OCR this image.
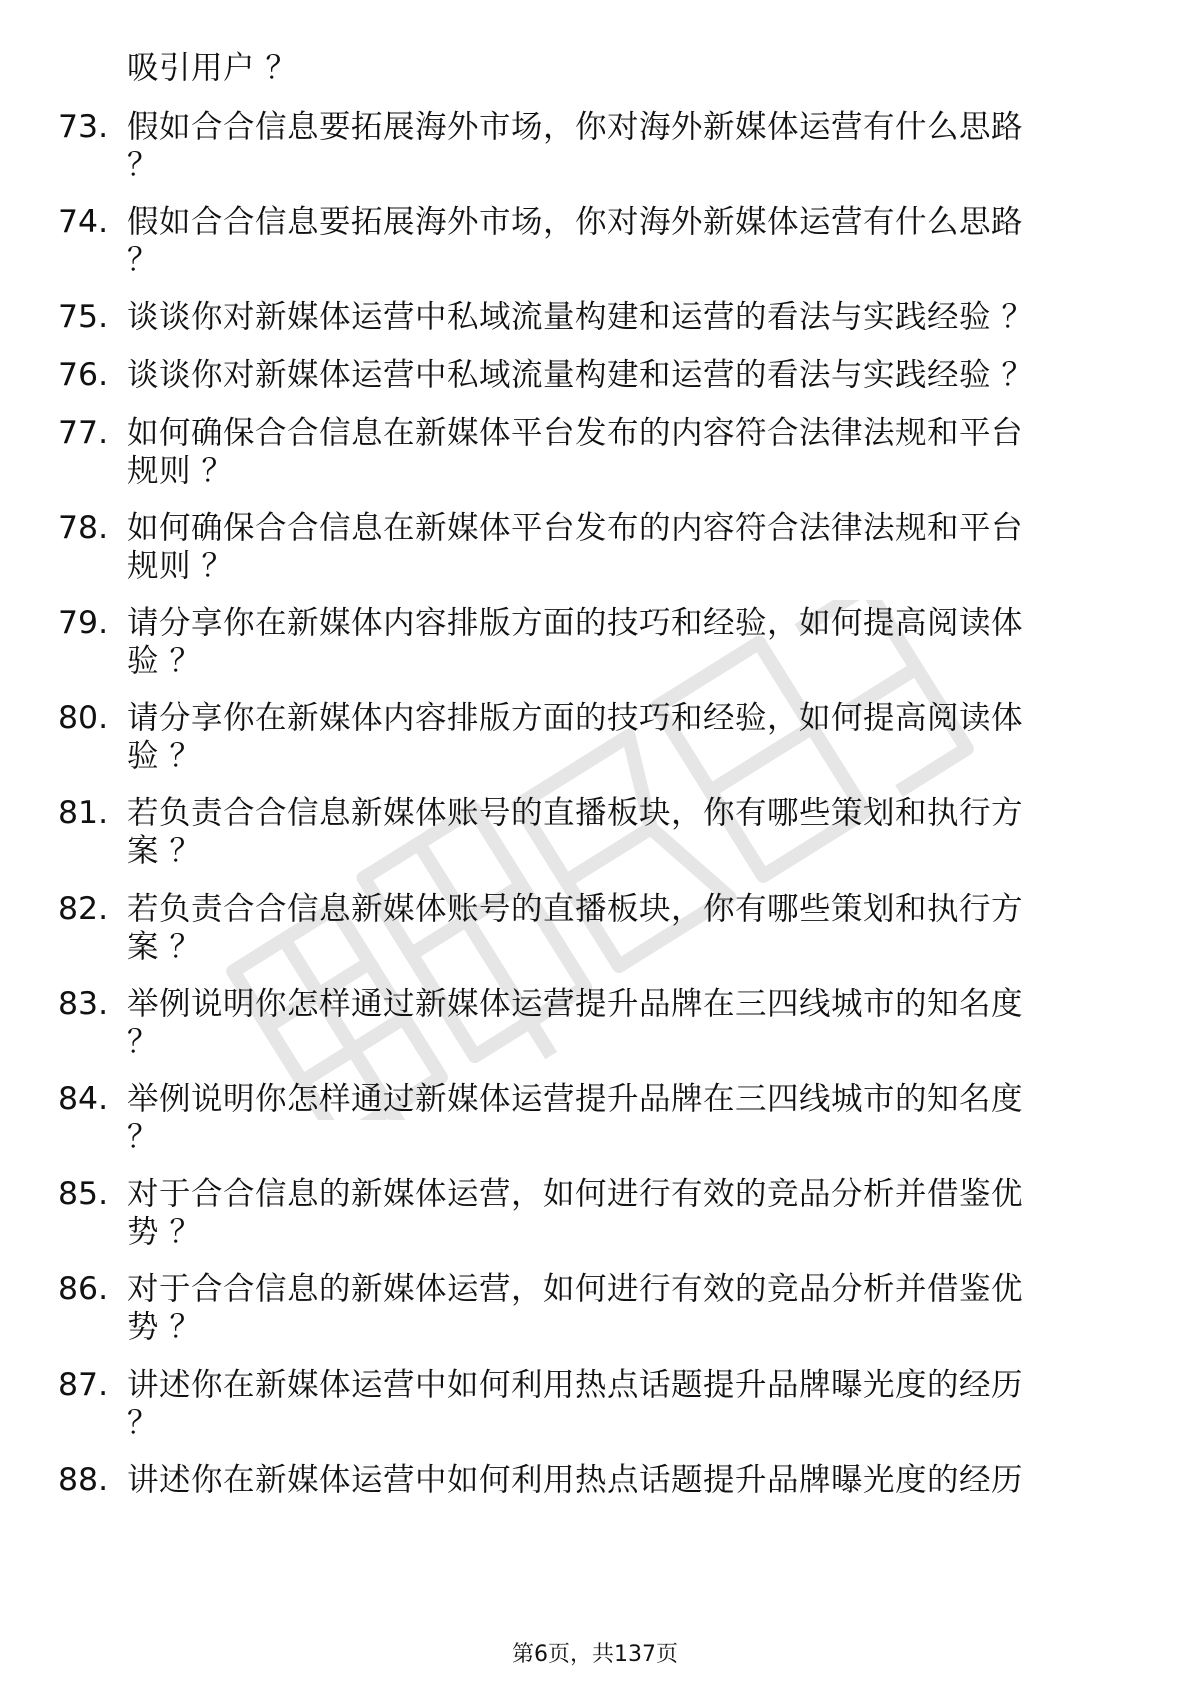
吸引用户 ？
73. 假如合合信息要拓展海外市场，你对海外新媒体运营有什么思路
？
74. 假如合合信息要拓展海外市场，你对海外新媒体运营有什么思路
？
75. 谈谈你对新媒体运营中私域流量构建和运营的看法与实践经验 ？
76. 谈谈你对新媒体运营中私域流量构建和运营的看法与实践经验 ？
77. 如何确保合合信息在新媒体平台发布的内容符合法律法规和平台
规则 ？
78. 如何确保合合信息在新媒体平台发布的内容符合法律法规和平台
规则 ？
79. 请分享你在新媒体内容排版方面的技巧和经验，如何提高阅读体
验 ？
80. 请分享你在新媒体内容排版方面的技巧和经验，如何提高阅读体
验 ？
81. 若负责合合信息新媒体账号的直播板块，你有哪些策划和执行方
案 ？
82. 若负责合合信息新媒体账号的直播板块，你有哪些策划和执行方
案 ？
83. 举例说明你怎样通过新媒体运营提升品牌在三四线城市的知名度
？
84. 举例说明你怎样通过新媒体运营提升品牌在三四线城市的知名度
？
85. 对于合合信息的新媒体运营，如何进行有效的竞品分析并借鉴优
势 ？
86. 对于合合信息的新媒体运营，如何进行有效的竞品分析并借鉴优
势 ？
87. 讲述你在新媒体运营中如何利用热点话题提升品牌曝光度的经历
？
88. 讲述你在新媒体运营中如何利用热点话题提升品牌曝光度的经历
第6页，共137页
